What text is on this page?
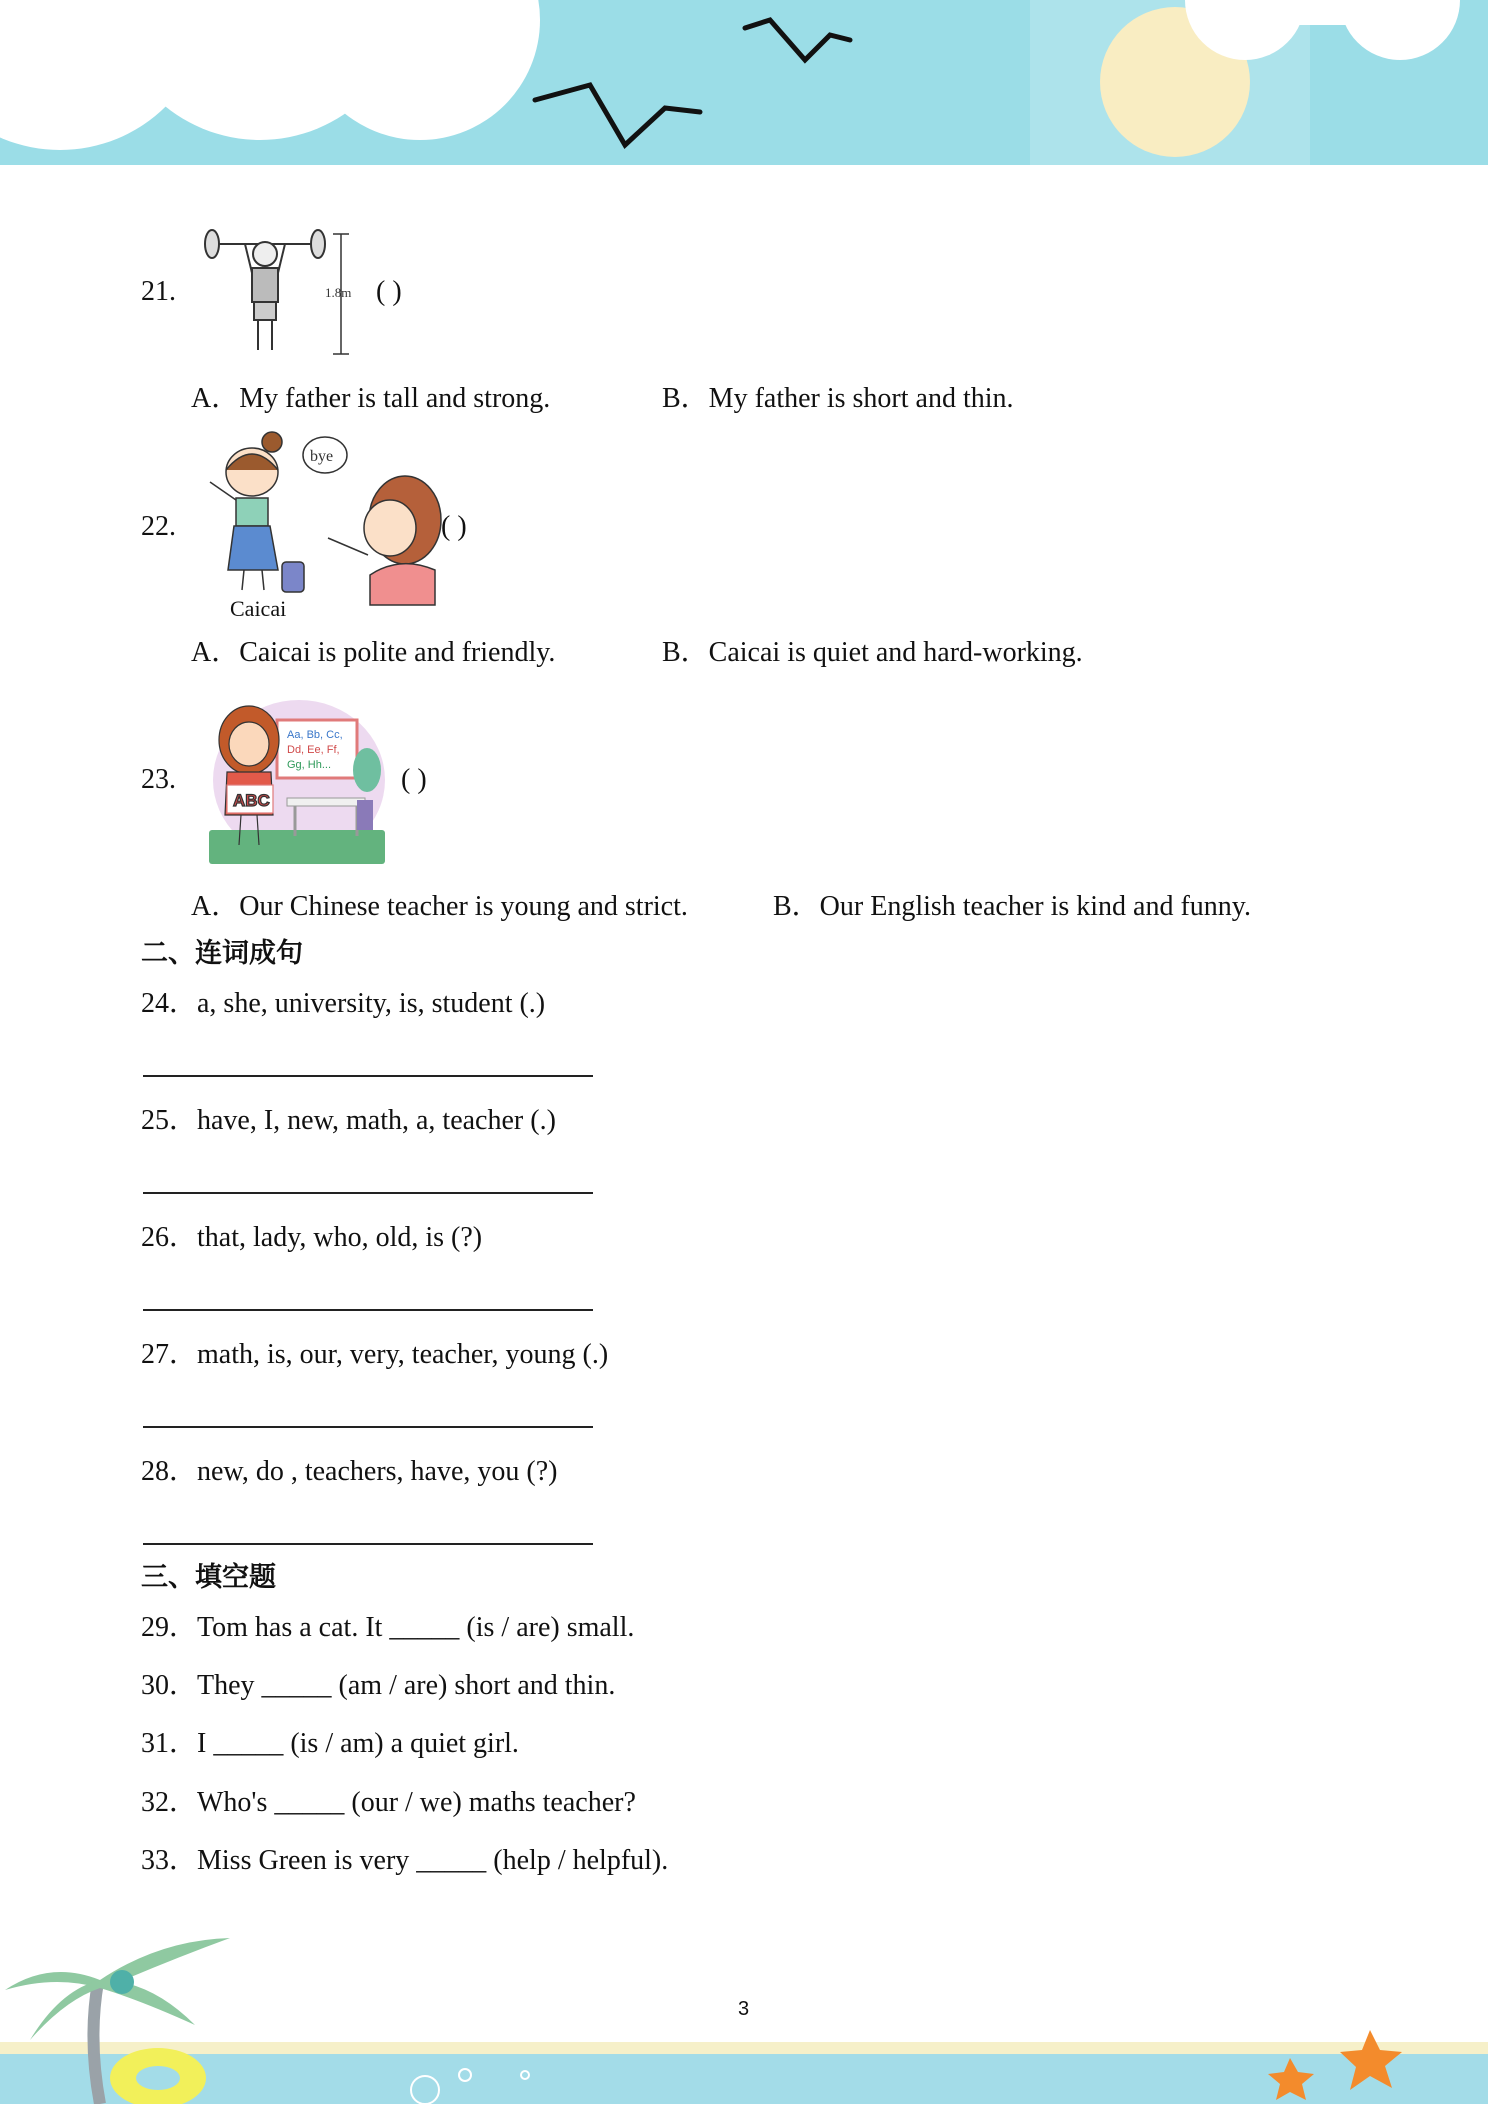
21.	1.8m ( )
A．My father is tall and strong.	B．My father is short and thin.
22.
bye
Caicai
( )
A．Caicai is polite and friendly.	B．Caicai is quiet and hard-working.
23.
Aa, Bb, Cc,
Dd, Ee, Ff,
Gg, Hh...
ABC
( )
A．Our Chinese teacher is young and strict.	B．Our English teacher is kind and funny.
二、连词成句
24．a, she, university, is, student (.)
25．have, I, new, math, a, teacher (.)
26．that, lady, who, old, is (?)
27．math, is, our, very, teacher, young (.)
28．new, do , teachers, have, you (?)
三、填空题
29．Tom has a cat. It _____ (is / are) small.
30．They _____ (am / are) short and thin.
31．I _____ (is / am) a quiet girl.
32．Who's _____ (our / we) maths teacher?
33．Miss Green is very _____ (help / helpful).
3
